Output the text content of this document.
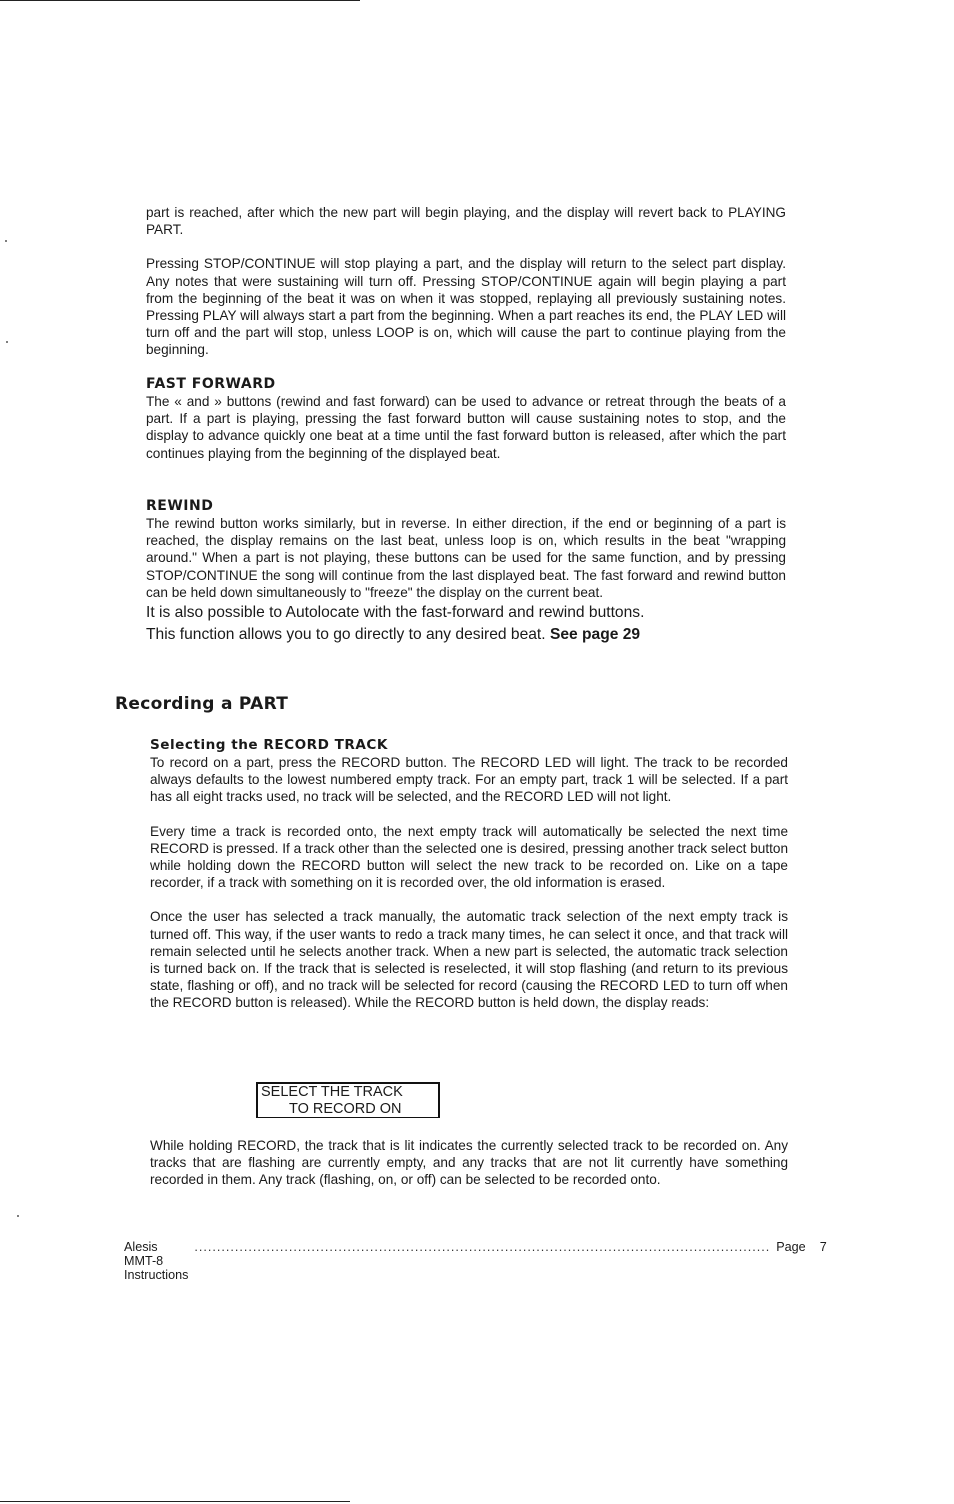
part is reached, after which the new part will begin playing, and the display will revert back to PLAYING PART.

Pressing STOP/CONTINUE will stop playing a part, and the display will return to the select part display. Any notes that were sustaining will turn off. Pressing STOP/CONTINUE again will begin playing a part from the beginning of the beat it was on when it was stopped, replaying all previously sustaining notes. Pressing PLAY will always start a part from the beginning. When a part reaches its end, the PLAY LED will turn off and the part will stop, unless LOOP is on, which will cause the part to continue playing from the beginning.

FAST FORWARD

The « and » buttons (rewind and fast forward) can be used to advance or retreat through the beats of a part. If a part is playing, pressing the fast forward button will cause sustaining notes to stop, and the display to advance quickly one beat at a time until the fast forward button is released, after which the part continues playing from the beginning of the displayed beat.

REWIND

The rewind button works similarly, but in reverse. In either direction, if the end or beginning of a part is reached, the display remains on the last beat, unless loop is on, which results in the beat "wrapping around." When a part is not playing, these buttons can be used for the same function, and by pressing STOP/CONTINUE the song will continue from the last displayed beat. The fast forward and rewind button can be held down simultaneously to "freeze" the display on the current beat.

It is also possible to Autolocate with the fast-forward and rewind buttons.

This function allows you to go directly to any desired beat. See page 29

Recording a PART

Selecting the RECORD TRACK

To record on a part, press the RECORD button. The RECORD LED will light. The track to be recorded always defaults to the lowest numbered empty track. For an empty part, track 1 will be selected. If a part has all eight tracks used, no track will be selected, and the RECORD LED will not light.

Every time a track is recorded onto, the next empty track will automatically be selected the next time RECORD is pressed. If a track other than the selected one is desired, pressing another track select button while holding down the RECORD button will select the new track to be recorded on. Like on a tape recorder, if a track with something on it is recorded over, the old information is erased.

Once the user has selected a track manually, the automatic track selection of the next empty track is turned off. This way, if the user wants to redo a track many times, he can select it once, and that track will remain selected until he selects another track. When a new part is selected, the automatic track selection is turned back on. If the track that is selected is reselected, it will stop flashing (and return to its previous state, flashing or off), and no track will be selected for record (causing the RECORD LED to turn off when the RECORD button is released). While the RECORD button is held down, the display reads:

SELECT THE TRACK
TO RECORD ON

While holding RECORD, the track that is lit indicates the currently selected track to be recorded on. Any tracks that are flashing are currently empty, and any tracks that are not lit currently have something recorded in them. Any track (flashing, on, or off) can be selected to be recorded onto.

Alesis MMT-8 Instructions
................................................................................................................................ Page 7
